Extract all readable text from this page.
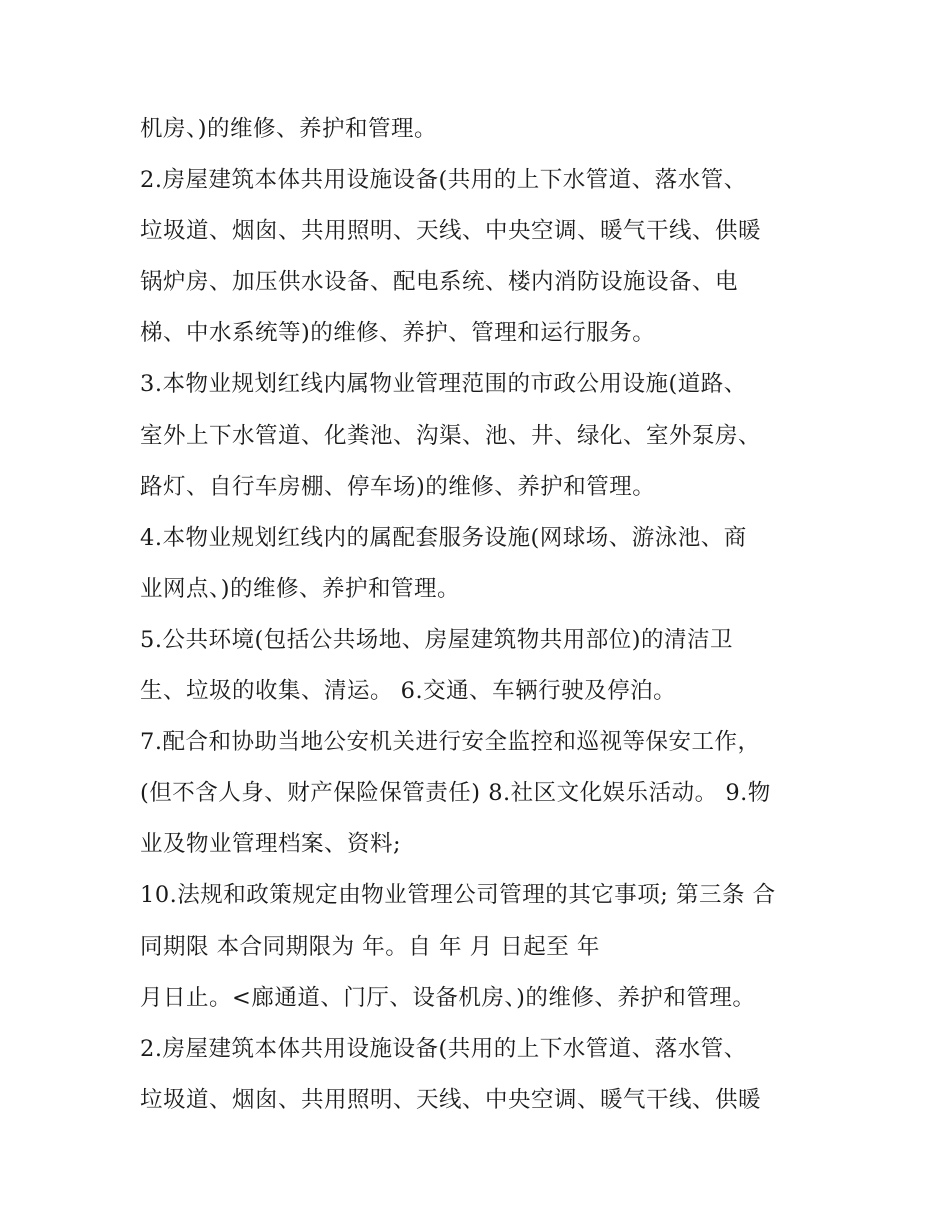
机房、)的维修、养护和管理。
2.房屋建筑本体共用设施设备(共用的上下水管道、落水管、
垃圾道、烟囱、共用照明、天线、中央空调、暖气干线、供暖
锅炉房、加压供水设备、配电系统、楼内消防设施设备、电
梯、中水系统等)的维修、养护、管理和运行服务。
3.本物业规划红线内属物业管理范围的市政公用设施(道路、
室外上下水管道、化粪池、沟渠、池、井、绿化、室外泵房、
路灯、自行车房棚、停车场)的维修、养护和管理。
4.本物业规划红线内的属配套服务设施(网球场、游泳池、商
业网点、)的维修、养护和管理。
5.公共环境(包括公共场地、房屋建筑物共用部位)的清洁卫
生、垃圾的收集、清运。 6.交通、车辆行驶及停泊。
7.配合和协助当地公安机关进行安全监控和巡视等保安工作，
(但不含人身、财产保险保管责任) 8.社区文化娱乐活动。 9.物
业及物业管理档案、资料;
10.法规和政策规定由物业管理公司管理的其它事项; 第三条 合
同期限 本合同期限为 年。自 年 月 日起至 年
月日止。<廊通道、门厅、设备机房、)的维修、养护和管理。
2.房屋建筑本体共用设施设备(共用的上下水管道、落水管、
垃圾道、烟囱、共用照明、天线、中央空调、暖气干线、供暖
